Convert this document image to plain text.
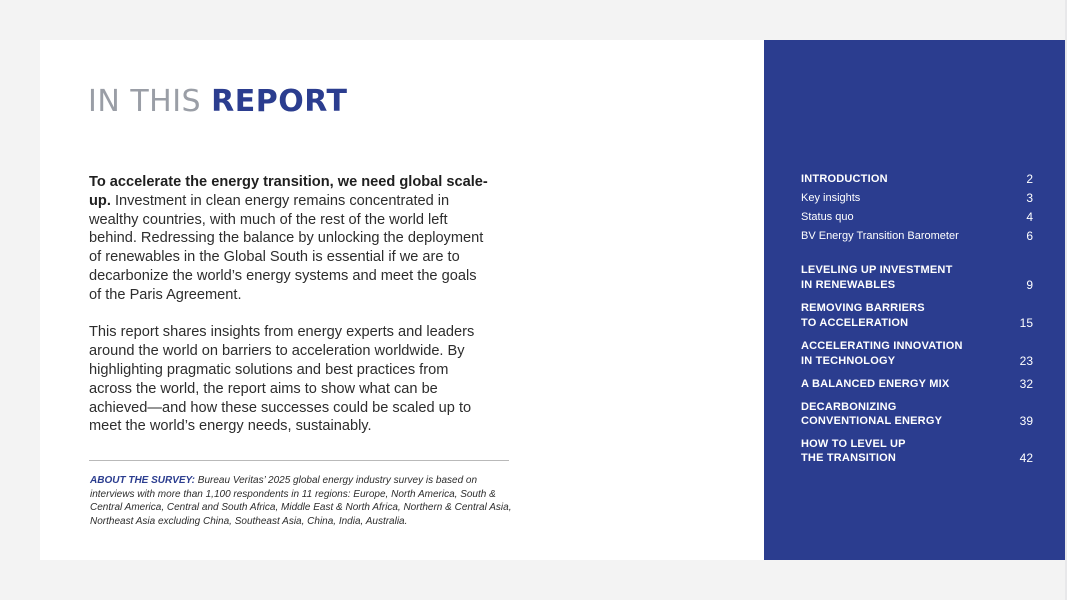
IN THIS REPORT

To accelerate the energy transition, we need global scale-up. Investment in clean energy remains concentrated in wealthy countries, with much of the rest of the world left behind. Redressing the balance by unlocking the deployment of renewables in the Global South is essential if we are to decarbonize the world’s energy systems and meet the goals of the Paris Agreement.

This report shares insights from energy experts and leaders around the world on barriers to acceleration worldwide. By highlighting pragmatic solutions and best practices from across the world, the report aims to show what can be achieved—and how these successes could be scaled up to meet the world’s energy needs, sustainably.

ABOUT THE SURVEY: Bureau Veritas’ 2025 global energy industry survey is based on interviews with more than 1,100 respondents in 11 regions: Europe, North America, South & Central America, Central and South Africa, Middle East & North Africa, Northern & Central Asia, Northeast Asia excluding China, Southeast Asia, China, India, Australia.
INTRODUCTION	2
Key insights	3
Status quo	4
BV Energy Transition Barometer	6
LEVELING UP INVESTMENT
IN RENEWABLES	9
REMOVING BARRIERS
TO ACCELERATION	15
ACCELERATING INNOVATION
IN TECHNOLOGY	23
A BALANCED ENERGY MIX	32
DECARBONIZING
CONVENTIONAL ENERGY	39
HOW TO LEVEL UP
THE TRANSITION	42
